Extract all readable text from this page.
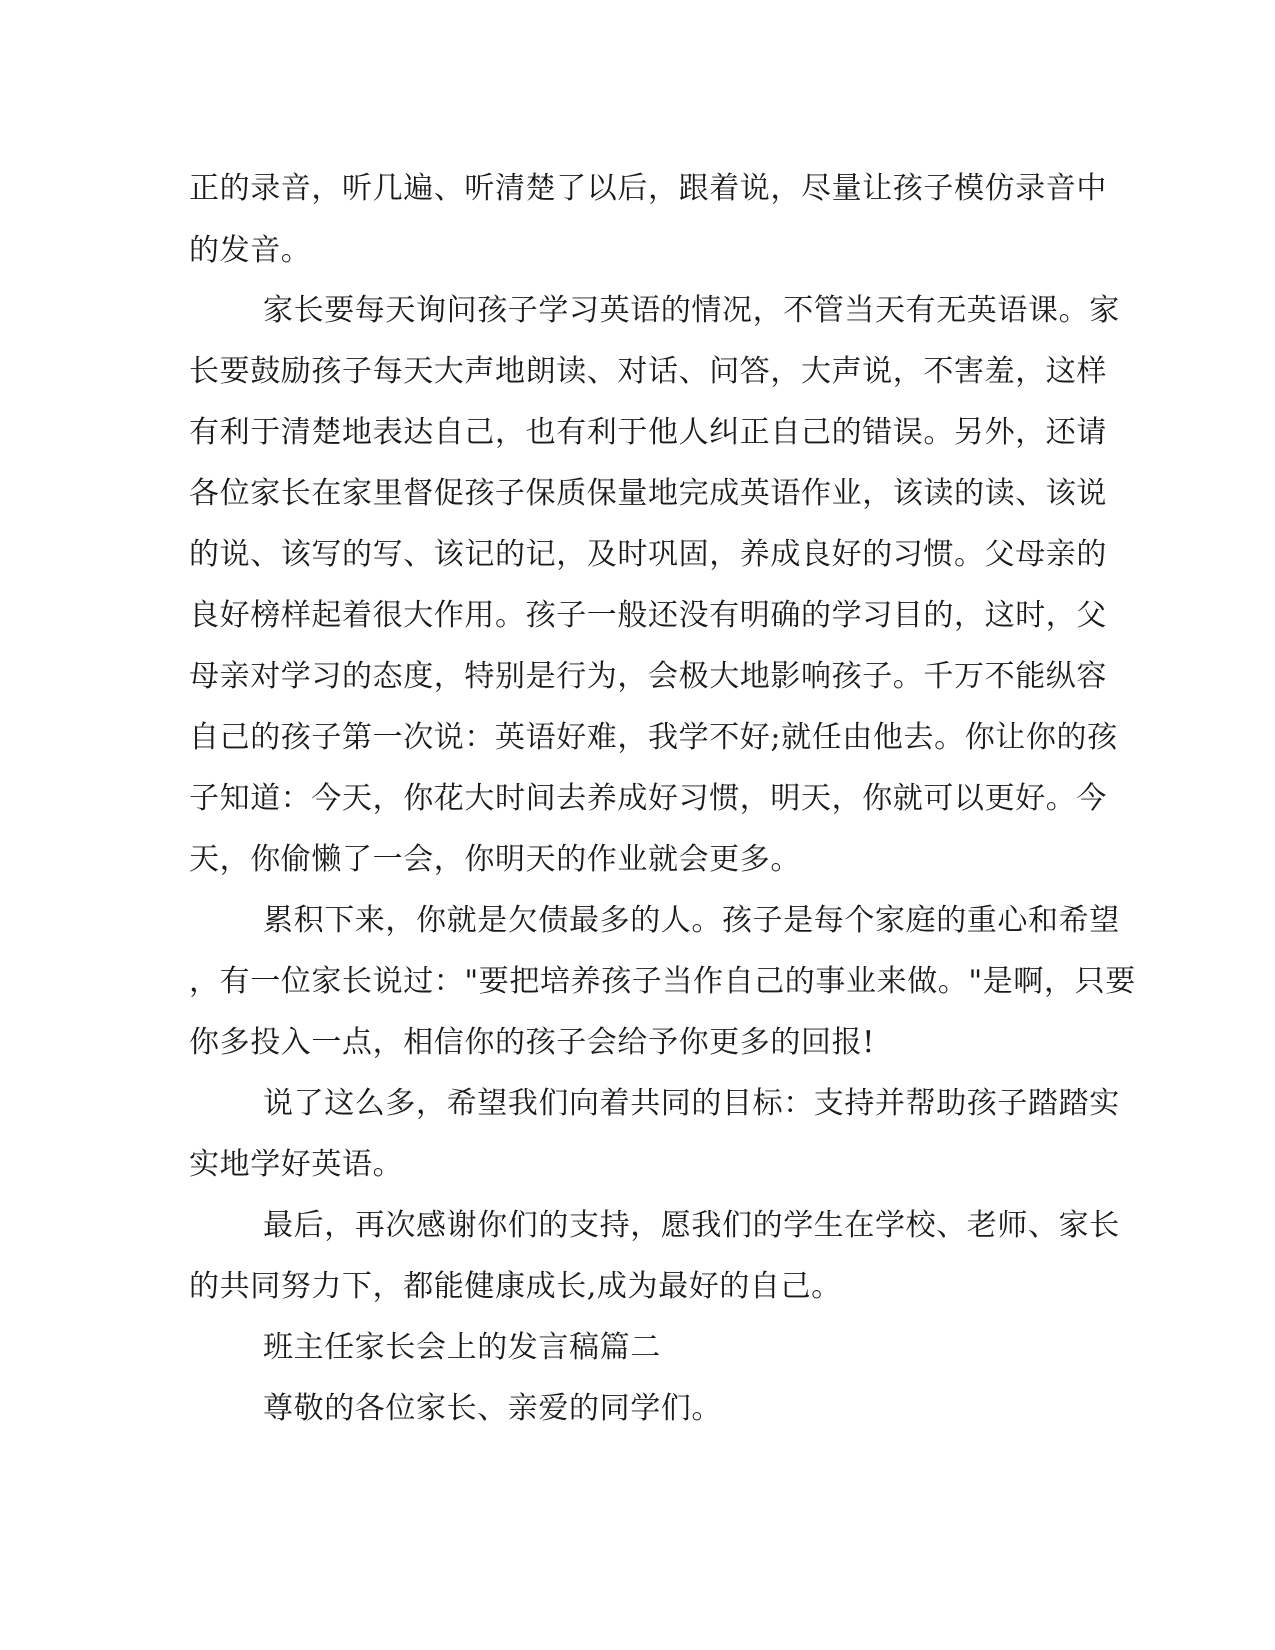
正的录音，听几遍、听清楚了以后，跟着说，尽量让孩子模仿录音中
的发音。
家长要每天询问孩子学习英语的情况，不管当天有无英语课。家
长要鼓励孩子每天大声地朗读、对话、问答，大声说，不害羞，这样
有利于清楚地表达自己，也有利于他人纠正自己的错误。另外，还请
各位家长在家里督促孩子保质保量地完成英语作业，该读的读、该说
的说、该写的写、该记的记，及时巩固，养成良好的习惯。父母亲的
良好榜样起着很大作用。孩子一般还没有明确的学习目的，这时，父
母亲对学习的态度，特别是行为，会极大地影响孩子。千万不能纵容
自己的孩子第一次说：英语好难，我学不好;就任由他去。你让你的孩
子知道：今天，你花大时间去养成好习惯，明天，你就可以更好。今
天，你偷懒了一会，你明天的作业就会更多。
累积下来，你就是欠债最多的人。孩子是每个家庭的重心和希望
，有一位家长说过："要把培养孩子当作自己的事业来做。"是啊，只要
你多投入一点，相信你的孩子会给予你更多的回报!
说了这么多，希望我们向着共同的目标：支持并帮助孩子踏踏实
实地学好英语。
最后，再次感谢你们的支持，愿我们的学生在学校、老师、家长
的共同努力下，都能健康成长,成为最好的自己。
班主任家长会上的发言稿篇二
尊敬的各位家长、亲爱的同学们。
